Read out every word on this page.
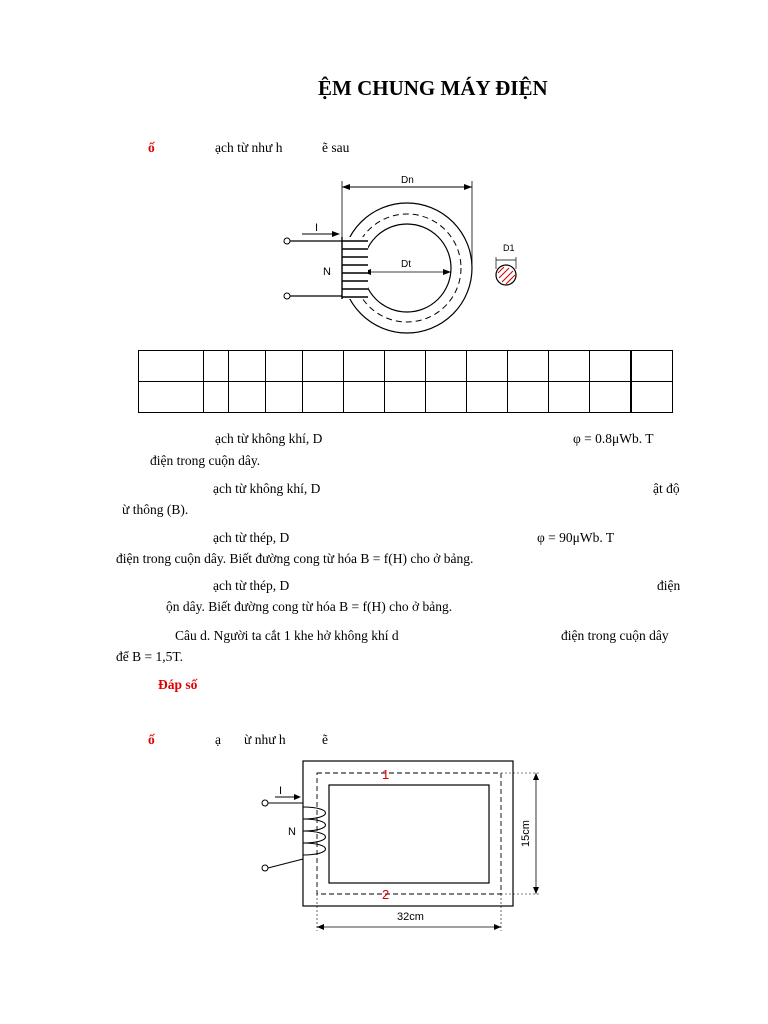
ỆM CHUNG MÁY ĐIỆN
ố	ạch từ như h	ẽ sau
Dn
Dt
I
N
D1

ạch từ không khí, D	φ = 0.8μWb. T
điện trong cuộn dây.
ạch từ không khí, D	ật độ
ừ thông (B).
ạch từ thép, D	φ = 90μWb. T
điện trong cuộn dây. Biết đường cong từ hóa B = f(H) cho ở bảng.
ạch từ thép, D	điện
ộn dây. Biết đường cong từ hóa B = f(H) cho ở bảng.
Câu d. Người ta cắt 1 khe hở không khí d	điện trong cuộn dây
để B = 1,5T.
Đáp số
ố	ạ ừ như h	ẽ
1
2
I
N	15cm
32cm
